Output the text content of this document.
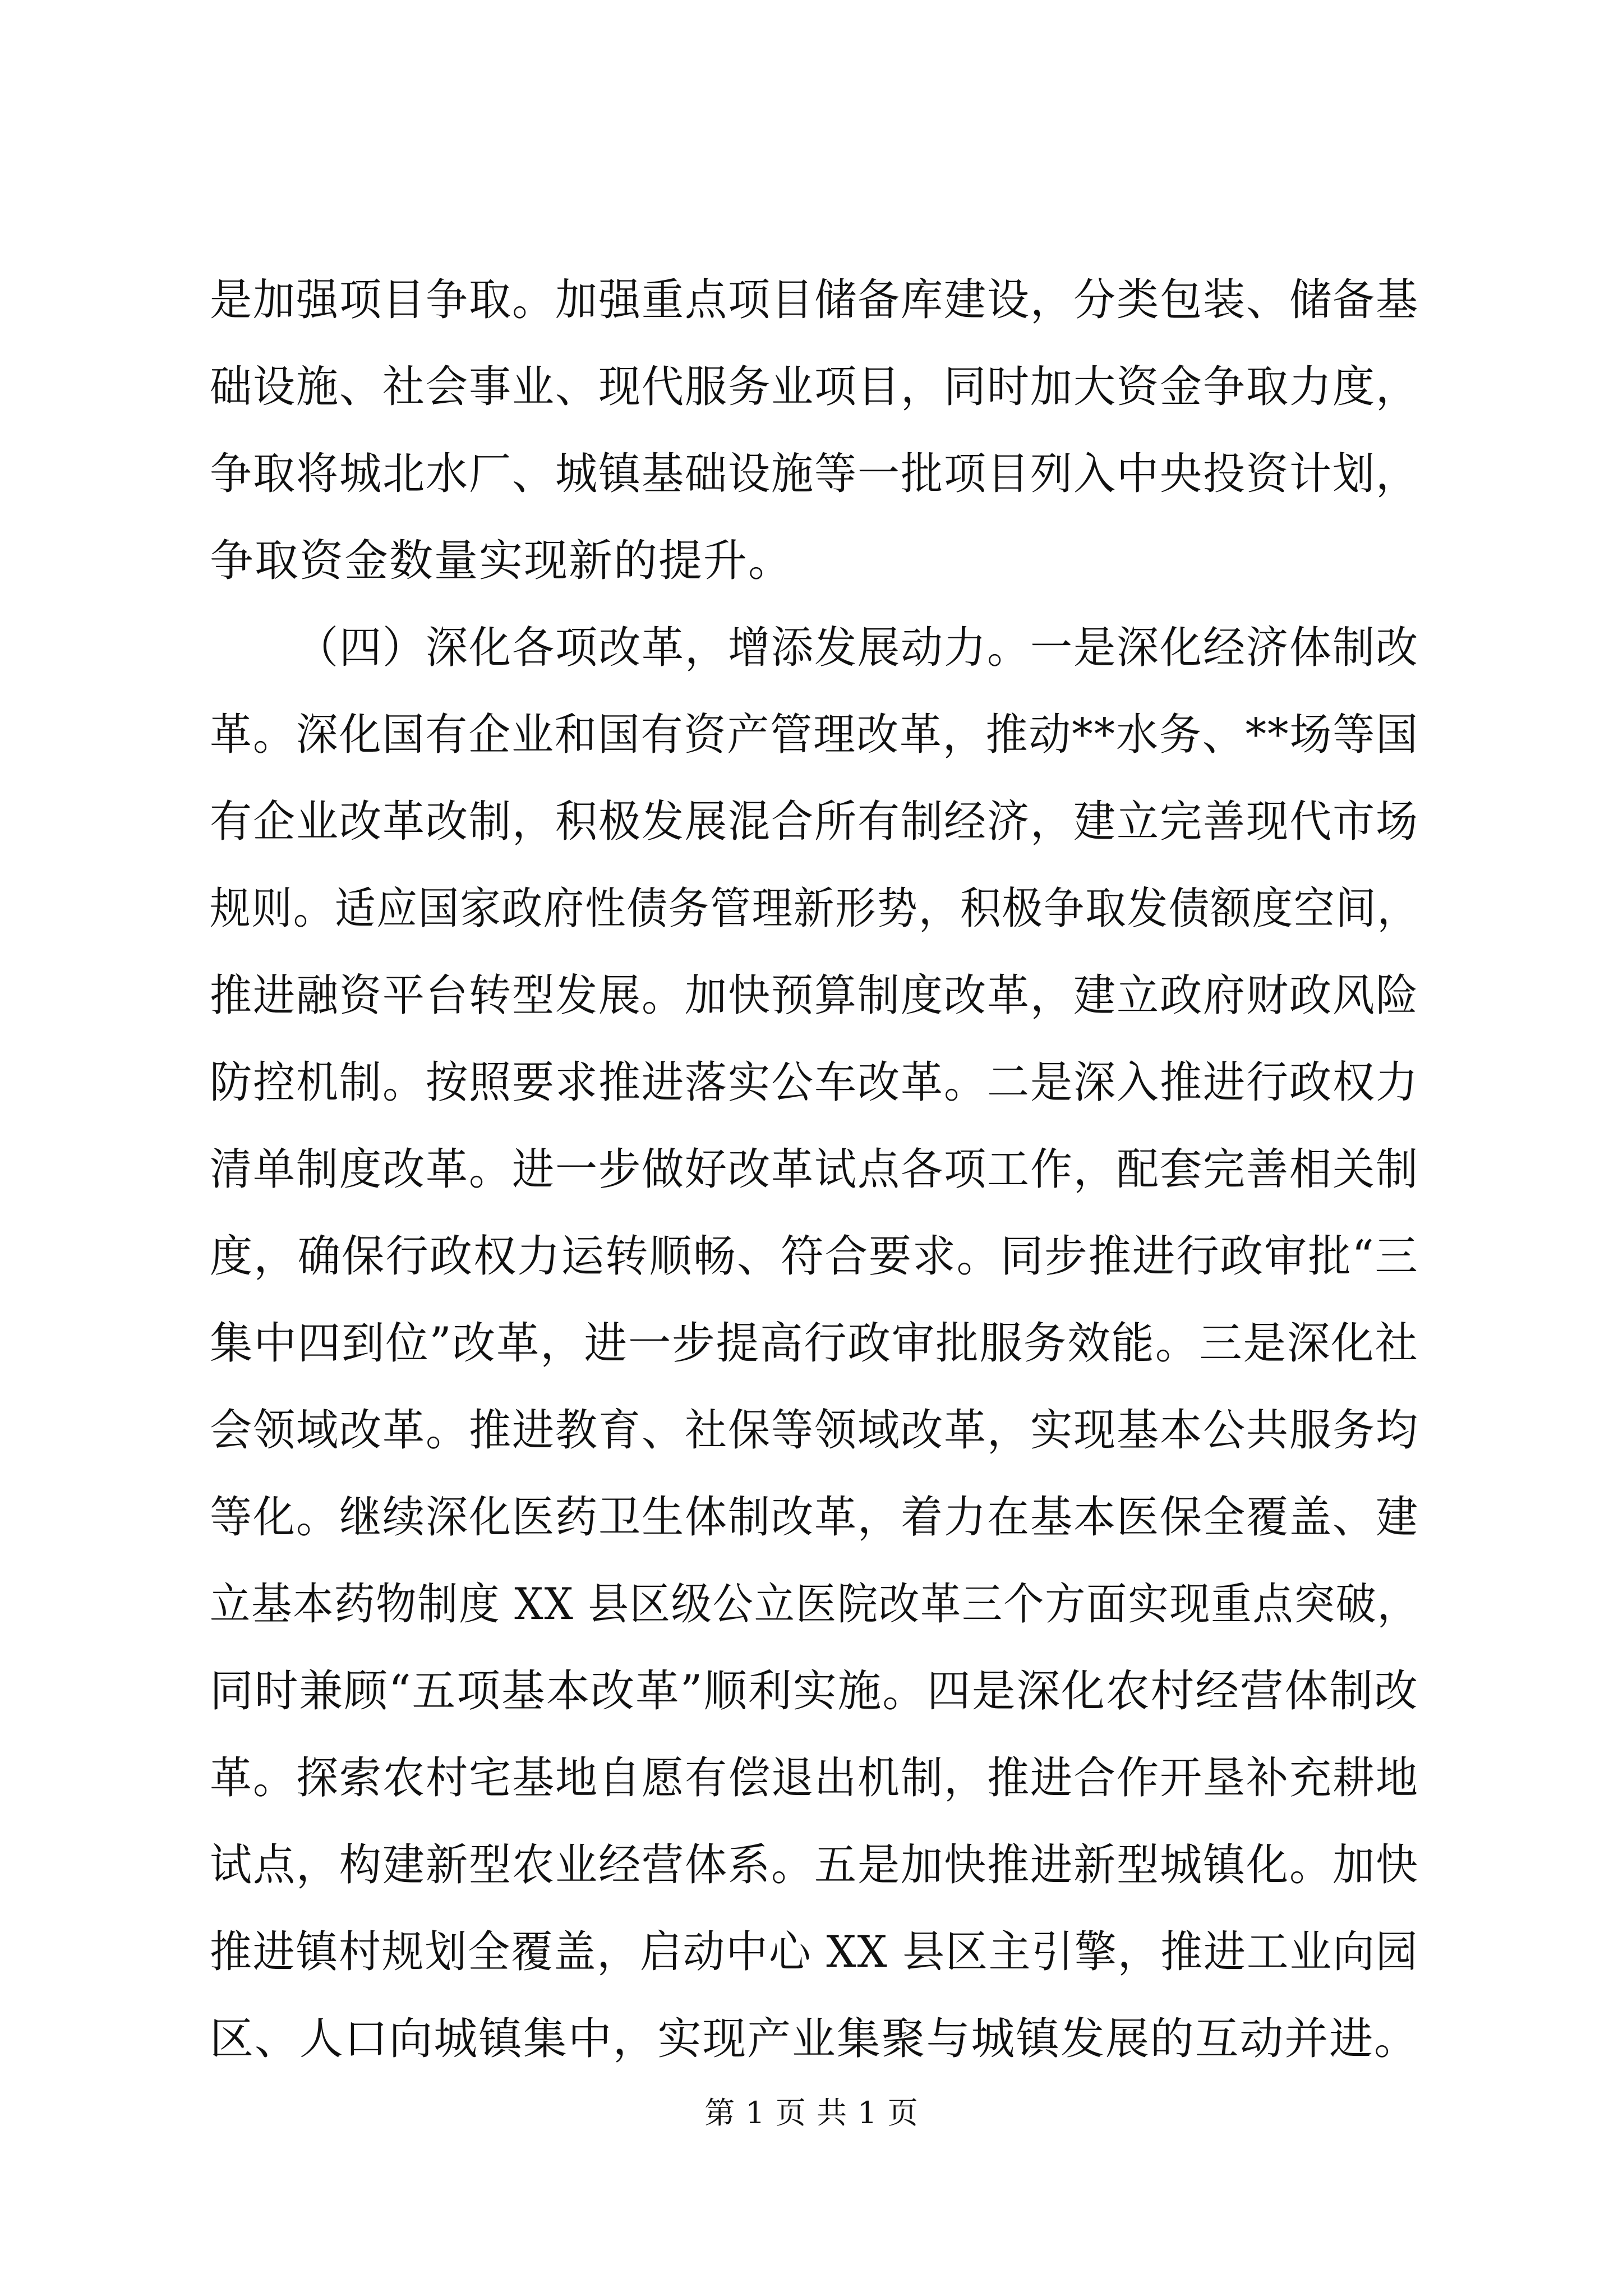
是加强项目争取。加强重点项目储备库建设，分类包装、储备基
础设施、社会事业、现代服务业项目，同时加大资金争取力度，
争取将城北水厂、城镇基础设施等一批项目列入中央投资计划，
争取资金数量实现新的提升。
（四）深化各项改革，增添发展动力。一是深化经济体制改
革。深化国有企业和国有资产管理改革，推动**水务、**场等国
有企业改革改制，积极发展混合所有制经济，建立完善现代市场
规则。适应国家政府性债务管理新形势，积极争取发债额度空间，
推进融资平台转型发展。加快预算制度改革，建立政府财政风险
防控机制。按照要求推进落实公车改革。二是深入推进行政权力
清单制度改革。进一步做好改革试点各项工作，配套完善相关制
度，确保行政权力运转顺畅、符合要求。同步推进行政审批“三
集中四到位”改革，进一步提高行政审批服务效能。三是深化社
会领域改革。推进教育、社保等领域改革，实现基本公共服务均
等化。继续深化医药卫生体制改革，着力在基本医保全覆盖、建
立基本药物制度 XX 县区级公立医院改革三个方面实现重点突破，
同时兼顾“五项基本改革”顺利实施。四是深化农村经营体制改
革。探索农村宅基地自愿有偿退出机制，推进合作开垦补充耕地
试点，构建新型农业经营体系。五是加快推进新型城镇化。加快
推进镇村规划全覆盖，启动中心 XX 县区主引擎，推进工业向园
区、人口向城镇集中，实现产业集聚与城镇发展的互动并进。
第 1 页 共 1 页
